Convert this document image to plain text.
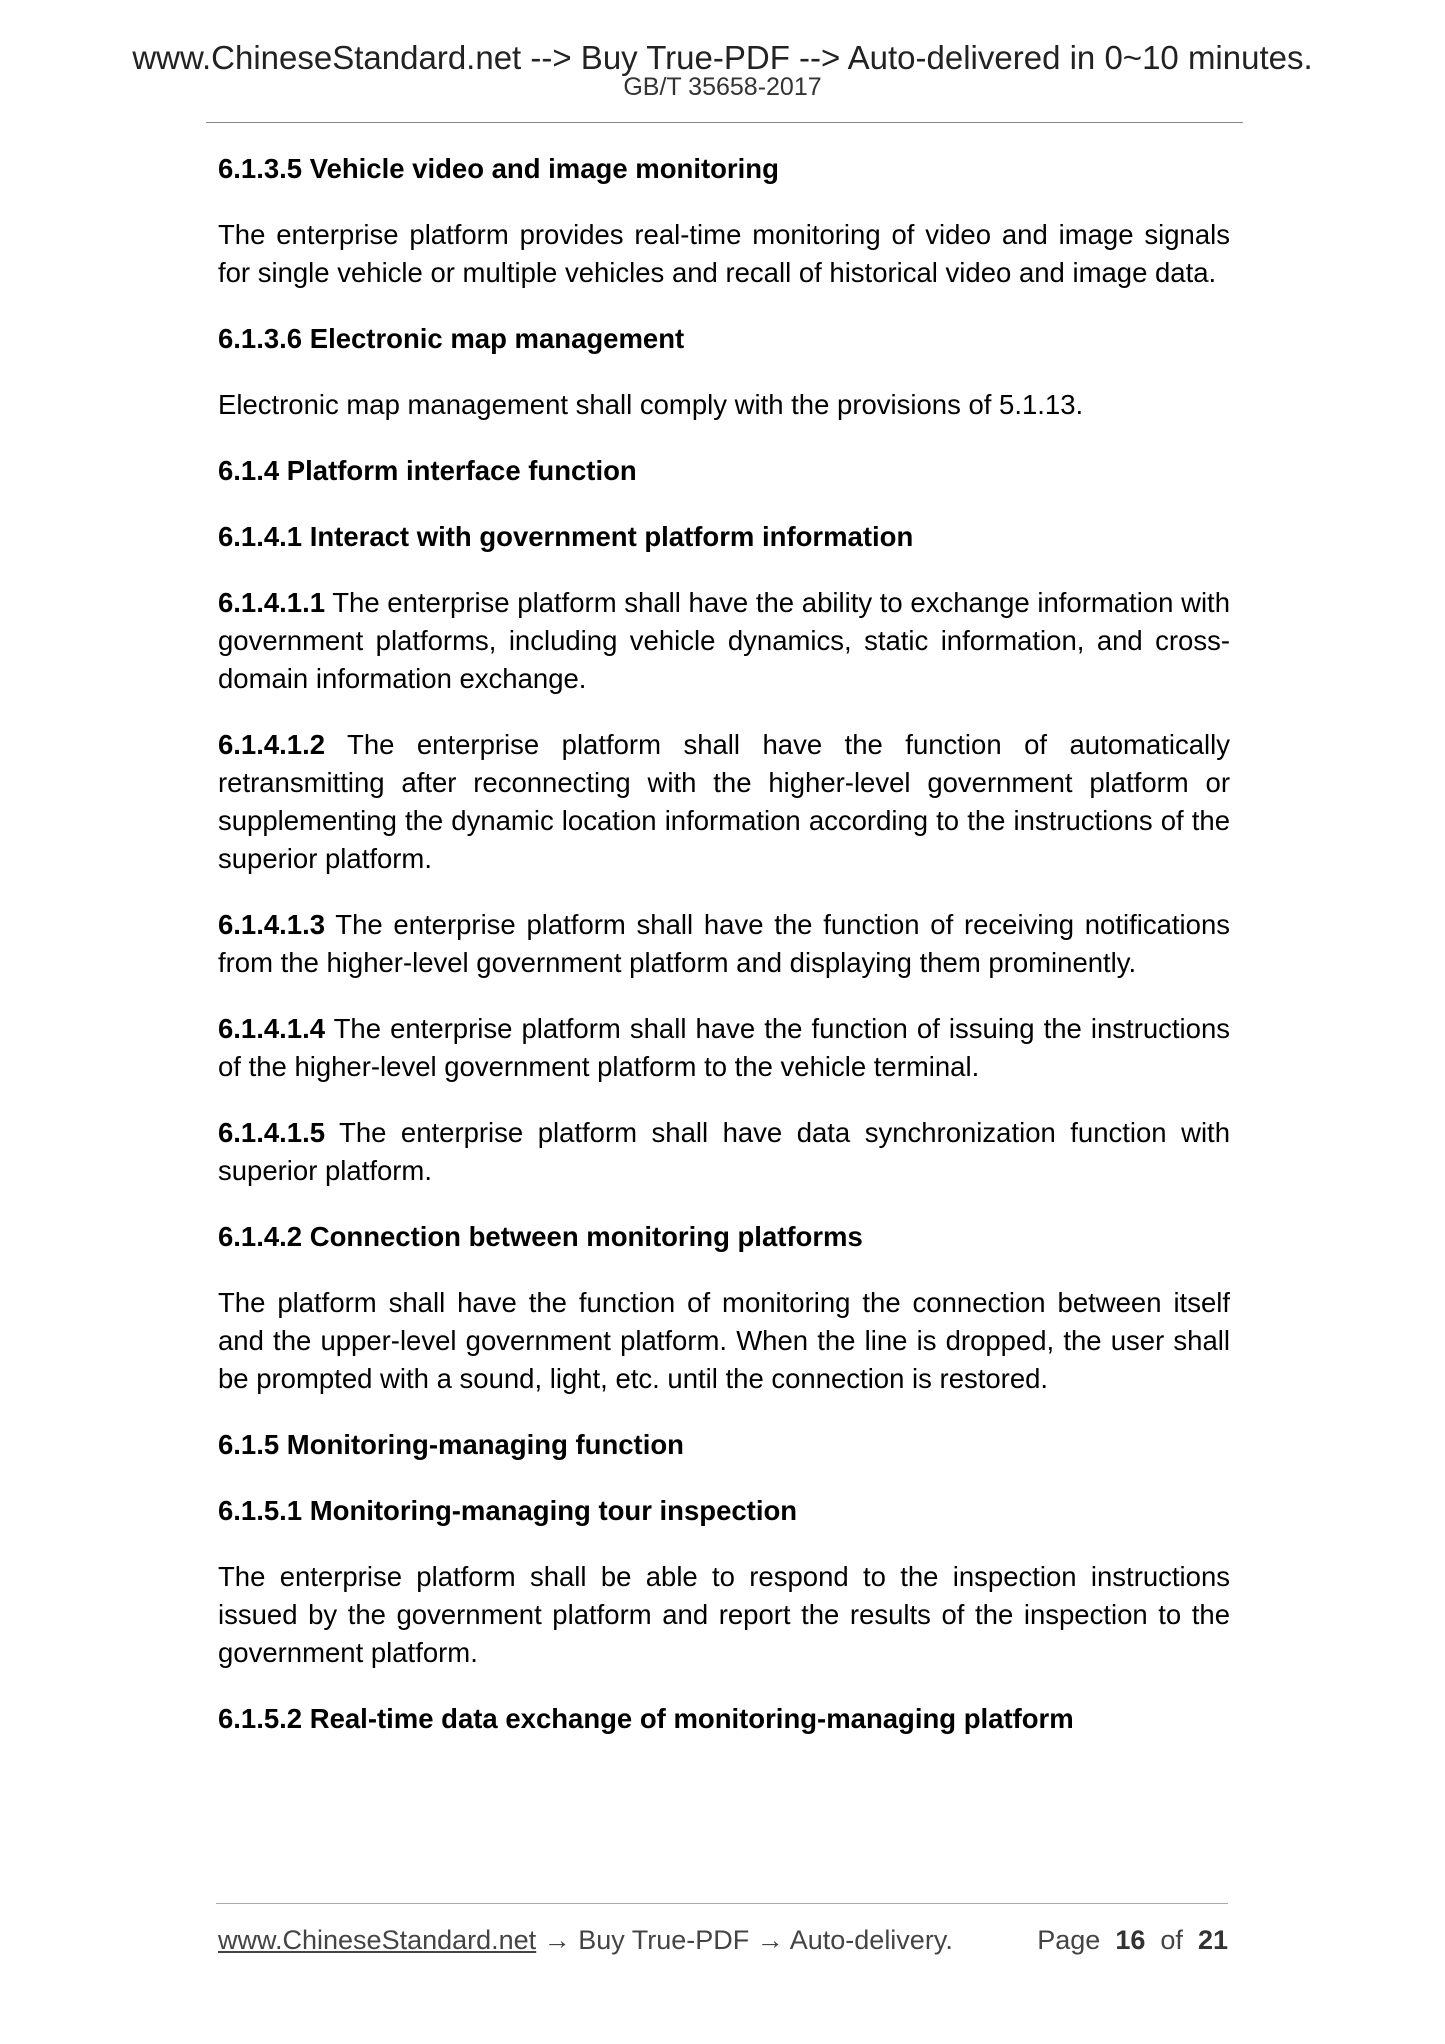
www.ChineseStandard.net --> Buy True-PDF --> Auto-delivered in 0~10 minutes.
GB/T 35658-2017
6.1.3.5 Vehicle video and image monitoring
The enterprise platform provides real-time monitoring of video and image signals for single vehicle or multiple vehicles and recall of historical video and image data.
6.1.3.6 Electronic map management
Electronic map management shall comply with the provisions of 5.1.13.
6.1.4 Platform interface function
6.1.4.1 Interact with government platform information
6.1.4.1.1 The enterprise platform shall have the ability to exchange information with government platforms, including vehicle dynamics, static information, and cross-domain information exchange.
6.1.4.1.2 The enterprise platform shall have the function of automatically retransmitting after reconnecting with the higher-level government platform or supplementing the dynamic location information according to the instructions of the superior platform.
6.1.4.1.3 The enterprise platform shall have the function of receiving notifications from the higher-level government platform and displaying them prominently.
6.1.4.1.4 The enterprise platform shall have the function of issuing the instructions of the higher-level government platform to the vehicle terminal.
6.1.4.1.5 The enterprise platform shall have data synchronization function with superior platform.
6.1.4.2 Connection between monitoring platforms
The platform shall have the function of monitoring the connection between itself and the upper-level government platform. When the line is dropped, the user shall be prompted with a sound, light, etc. until the connection is restored.
6.1.5 Monitoring-managing function
6.1.5.1 Monitoring-managing tour inspection
The enterprise platform shall be able to respond to the inspection instructions issued by the government platform and report the results of the inspection to the government platform.
6.1.5.2 Real-time data exchange of monitoring-managing platform
www.ChineseStandard.net → Buy True-PDF → Auto-delivery.	Page 16 of 21
